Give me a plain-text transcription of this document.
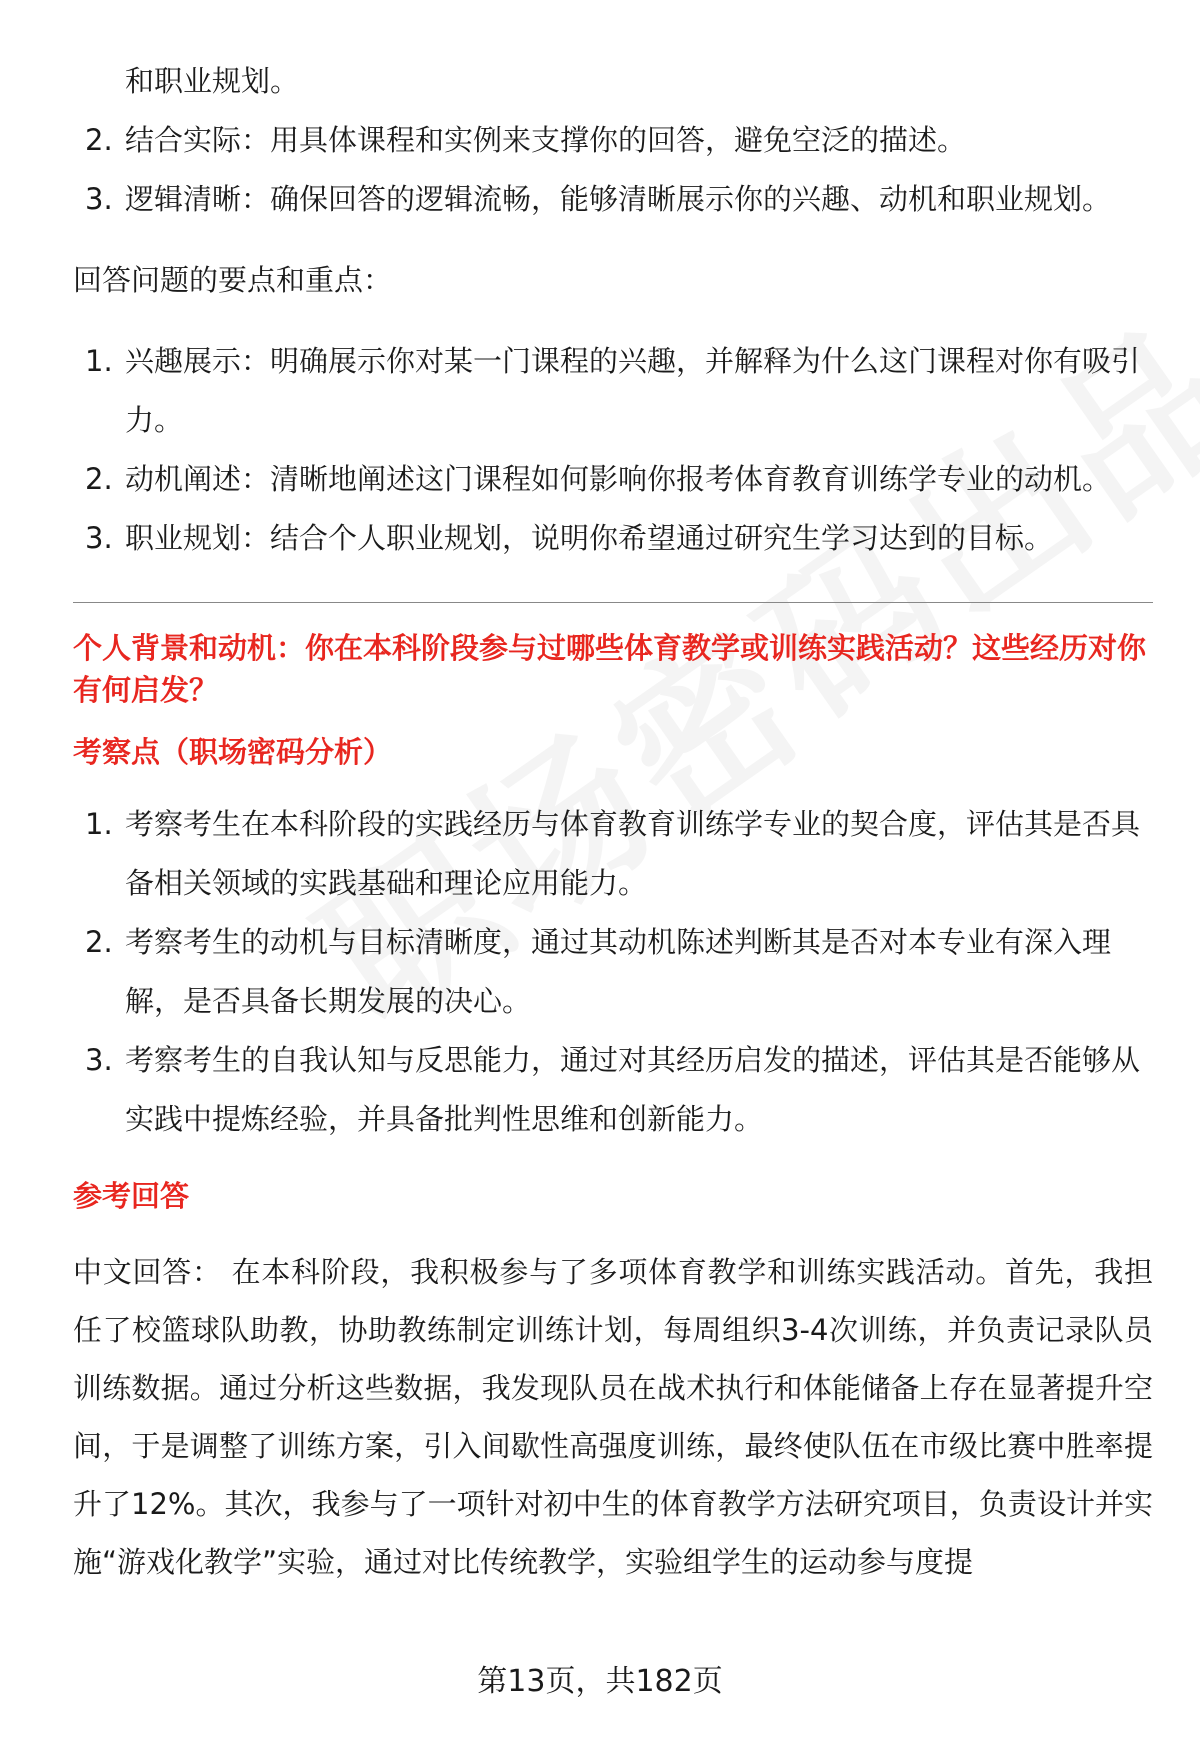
和职业规划。
2. 结合实际：用具体课程和实例来支撑你的回答，避免空泛的描述。
3. 逻辑清晰：确保回答的逻辑流畅，能够清晰展示你的兴趣、动机和职业规划。
回答问题的要点和重点：
1. 兴趣展示：明确展示你对某一门课程的兴趣，并解释为什么这门课程对你有吸引力。
2. 动机阐述：清晰地阐述这门课程如何影响你报考体育教育训练学专业的动机。
3. 职业规划：结合个人职业规划，说明你希望通过研究生学习达到的目标。
个人背景和动机：你在本科阶段参与过哪些体育教学或训练实践活动？这些经历对你有何启发？
考察点（职场密码分析）
1. 考察考生在本科阶段的实践经历与体育教育训练学专业的契合度，评估其是否具备相关领域的实践基础和理论应用能力。
2. 考察考生的动机与目标清晰度，通过其动机陈述判断其是否对本专业有深入理解，是否具备长期发展的决心。
3. 考察考生的自我认知与反思能力，通过对其经历启发的描述，评估其是否能够从实践中提炼经验，并具备批判性思维和创新能力。
参考回答
中文回答： 在本科阶段，我积极参与了多项体育教学和训练实践活动。首先，我担任了校篮球队助教，协助教练制定训练计划，每周组织3-4次训练，并负责记录队员训练数据。通过分析这些数据，我发现队员在战术执行和体能储备上存在显著提升空间，于是调整了训练方案，引入间歇性高强度训练，最终使队伍在市级比赛中胜率提升了12%。其次，我参与了一项针对初中生的体育教学方法研究项目，负责设计并实施“游戏化教学”实验，通过对比传统教学，实验组学生的运动参与度提
第13页，共182页
